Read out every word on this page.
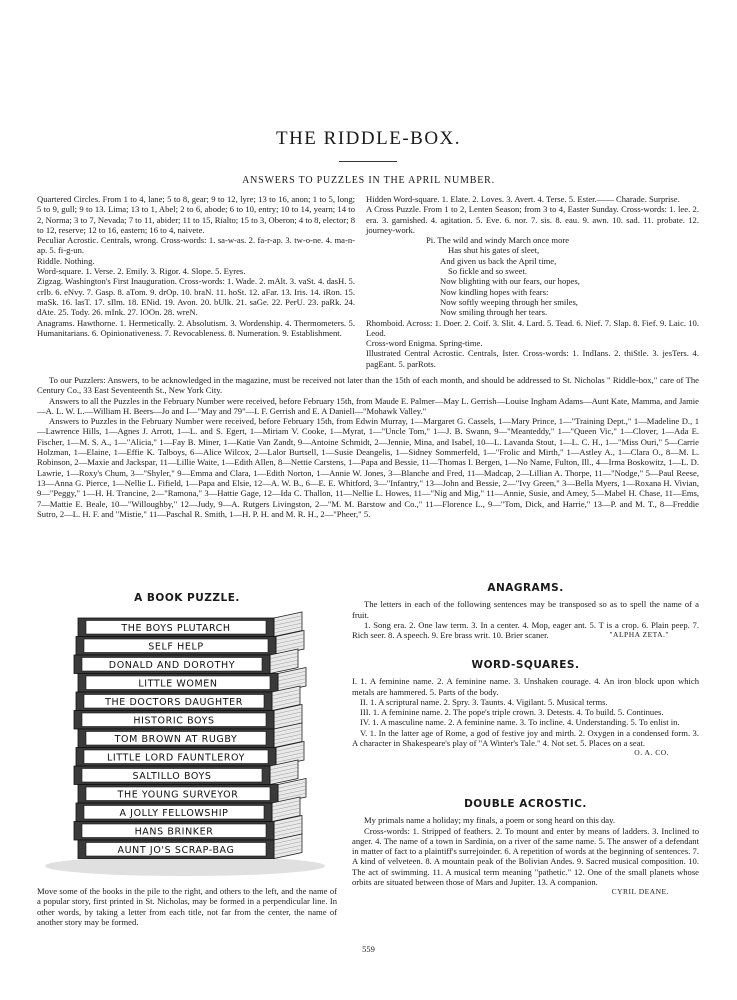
THE RIDDLE-BOX.
ANSWERS TO PUZZLES IN THE APRIL NUMBER.

Quartered Circles. From 1 to 4, lane; 5 to 8, gear; 9 to 12, lyre; 13 to 16, anon; 1 to 5, long; 5 to 9, gull; 9 to 13. Lima; 13 to 1, Abel; 2 to 6, abode; 6 to 10, entry; 10 to 14, yearn; 14 to 2, Norma; 3 to 7, Nevada; 7 to 11, abider; 11 to 15, Rialto; 15 to 3, Oberon; 4 to 8, elector; 8 to 12, reserve; 12 to 16, eastern; 16 to 4, naivete.

Peculiar Acrostic. Centrals, wrong. Cross-words: 1. sa-w-as. 2. fa-r-ap. 3. tw-o-ne. 4. ma-n-ap. 5. fi-g-un.

Riddle. Nothing.

Word-square. 1. Verse. 2. Emily. 3. Rigor. 4. Slope. 5. Eyres.

Zigzag. Washington's First Inauguration. Cross-words: 1. Wade. 2. mAlt. 3. vaSt. 4. dasH. 5. crIb. 6. eNvy. 7. Gasp. 8. aTom. 9. drOp. 10. braN. 11. hoSt. 12. aFar. 13. Iris. 14. iRon. 15. maSk. 16. lasT. 17. sIlm. 18. ENid. 19. Avon. 20. bUlk. 21. saGe. 22. PerU. 23. paRk. 24. dAte. 25. Tody. 26. mInk. 27. lOOn. 28. wreN.

Anagrams. Hawthorne. 1. Hermetically. 2. Absolutism. 3. Wordenship. 4. Thermometers. 5. Humanitarians. 6. Opinionativeness. 7. Revocableness. 8. Numeration. 9. Establishment.

Hidden Word-square. 1. Elate. 2. Loves. 3. Avert. 4. Terse. 5. Ester.—— Charade. Surprise.

A Cross Puzzle. From 1 to 2, Lenten Season; from 3 to 4, Easter Sunday. Cross-words: 1. lee. 2. era. 3. garnished. 4. agitation. 5. Eve. 6. nor. 7. sis. 8. eau. 9. awn. 10. sad. 11. probate. 12. journey-work.

Pi. The wild and windy March once more
Has shut his gates of sleet,
And given us back the April time,
So fickle and so sweet.
Now blighting with our fears, our hopes,
Now kindling hopes with fears:
Now softly weeping through her smiles,
Now smiling through her tears.

Rhomboid. Across: 1. Doer. 2. Coif. 3. Slit. 4. Lard. 5. Tead. 6. Nief. 7. Slap. 8. Fief. 9. Laic. 10. Leod.

Cross-word Enigma. Spring-time.

Illustrated Central Acrostic. Centrals, Ister. Cross-words: 1. IndIans. 2. thiStle. 3. jesTers. 4. pagEant. 5. parRots.

To our Puzzlers: Answers, to be acknowledged in the magazine, must be received not later than the 15th of each month, and should be addressed to St. Nicholas " Riddle-box," care of The Century Co., 33 East Seventeenth St., New York City.

Answers to all the Puzzles in the February Number were received, before February 15th, from Maude E. Palmer—May L. Gerrish—Louise Ingham Adams—Aunt Kate, Mamma, and Jamie—A. L. W. L.—William H. Beers—Jo and I—"May and 79"—I. F. Gerrish and E. A Daniell—"Mohawk Valley."

Answers to Puzzles in the February Number were received, before February 15th, from Edwin Murray, 1—Margaret G. Cassels, 1—Mary Prince, 1—"Training Dept.," 1—Madeline D., 1—Lawrence Hills, 1—Agnes J. Arrott, 1—L. and S. Egert, 1—Miriam V. Cooke, 1—Myrat, 1—"Uncle Tom," 1—J. B. Swann, 9—"Meanteddy," 1—"Queen Vic," 1—Clover, 1—Ada E. Fischer, 1—M. S. A., 1—"Alicia," 1—Fay B. Miner, 1—Katie Van Zandt, 9—Antoine Schmidt, 2—Jennie, Mina, and Isabel, 10—L. Lavanda Stout, 1—L. C. H., 1—"Miss Ouri," 5—Carrie Holzman, 1—Elaine, 1—Effie K. Talboys, 6—Alice Wilcox, 2—Lalor Burtsell, 1—Susie Deangelis, 1—Sidney Sommerfeld, 1—"Frolic and Mirth," 1—Astley A., 1—Clara O., 8—M. L. Robinson, 2—Maxie and Jackspar, 11—Lillie Waite, 1—Edith Allen, 8—Nettie Carstens, 1—Papa and Bessie, 11—Thomas I. Bergen, 1—No Name, Fulton, Ill., 4—Irma Boskowitz, 1—L. D. Lawrie, 1—Roxy's Chum, 3—"Shyler," 9—Emma and Clara, 1—Edith Norton, 1—Annie W. Jones, 3—Blanche and Fred, 11—Madcap, 2—Lillian A. Thorpe, 11—"Nodge," 5—Paul Reese, 13—Anna G. Pierce, 1—Nellie L. Fifield, 1—Papa and Elsie, 12—A. W. B., 6—E. E. Whitford, 3—"Infantry," 13—John and Bessie, 2—"Ivy Green," 3—Bella Myers, 1—Roxana H. Vivian, 9—"Peggy," 1—H. H. Trancine, 2—"Ramona," 3—Hattie Gage, 12—Ida C. Thallon, 11—Nellie L. Howes, 11—"Nig and Mig," 11—Annie, Susie, and Amey, 5—Mabel H. Chase, 11—Ems, 7—Mattie E. Beale, 10—"Willoughby," 12—Judy, 9—A. Rutgers Livingston, 2—"M. M. Barstow and Co.," 11—Florence L., 9—"Tom, Dick, and Harrie," 13—P. and M. T., 8—Freddie Sutro, 2—L. H. F. and "Mistie," 11—Paschal R. Smith, 1—H. P. H. and M. R. H., 2—"Pheer," 5.

A BOOK PUZZLE.
THE BOYS PLUTARCH
SELF HELP
DONALD AND DOROTHY
LITTLE WOMEN
THE DOCTORS DAUGHTER
HISTORIC BOYS
TOM BROWN AT RUGBY
LITTLE LORD FAUNTLEROY
SALTILLO BOYS
THE YOUNG SURVEYOR
A JOLLY FELLOWSHIP
HANS BRINKER
AUNT JO'S SCRAP-BAG
Move some of the books in the pile to the right, and others to the left, and the name of a popular story, first printed in St. Nicholas, may be formed in a perpendicular line. In other words, by taking a letter from each title, not far from the center, the name of another story may be formed.
ANAGRAMS.
The letters in each of the following sentences may be transposed so as to spell the name of a fruit.
1. Song era. 2. One law term. 3. In a center. 4. Mop, eager ant. 5. T is a crop. 6. Plain peep. 7. Rich seer. 8. A speech. 9. Ere brass writ. 10. Brier scaner.	"ALPHA ZETA."
WORD-SQUARES.
I. 1. A feminine name. 2. A feminine name. 3. Unshaken courage. 4. An iron block upon which metals are hammered. 5. Parts of the body.
II. 1. A scriptural name. 2. Spry. 3. Taunts. 4. Vigilant. 5. Musical terms.
III. 1. A feminine name. 2. The pope's triple crown. 3. Detests. 4. To build. 5. Continues.
IV. 1. A masculine name. 2. A feminine name. 3. To incline. 4. Understanding. 5. To enlist in.
V. 1. In the latter age of Rome, a god of festive joy and mirth. 2. Oxygen in a condensed form. 3. A character in Shakespeare's play of "A Winter's Tale." 4. Not set. 5. Places on a seat.
O. A. CO.
DOUBLE ACROSTIC.
My primals name a holiday; my finals, a poem or song heard on this day.
Cross-words: 1. Stripped of feathers. 2. To mount and enter by means of ladders. 3. Inclined to anger. 4. The name of a town in Sardinia, on a river of the same name. 5. The answer of a defendant in matter of fact to a plaintiff's surrejoinder. 6. A repetition of words at the beginning of sentences. 7. A kind of velveteen. 8. A mountain peak of the Bolivian Andes. 9. Sacred musical composition. 10. The act of swimming. 11. A musical term meaning "pathetic." 12. One of the small planets whose orbits are situated between those of Mars and Jupiter. 13. A companion.
CYRIL DEANE.
559
